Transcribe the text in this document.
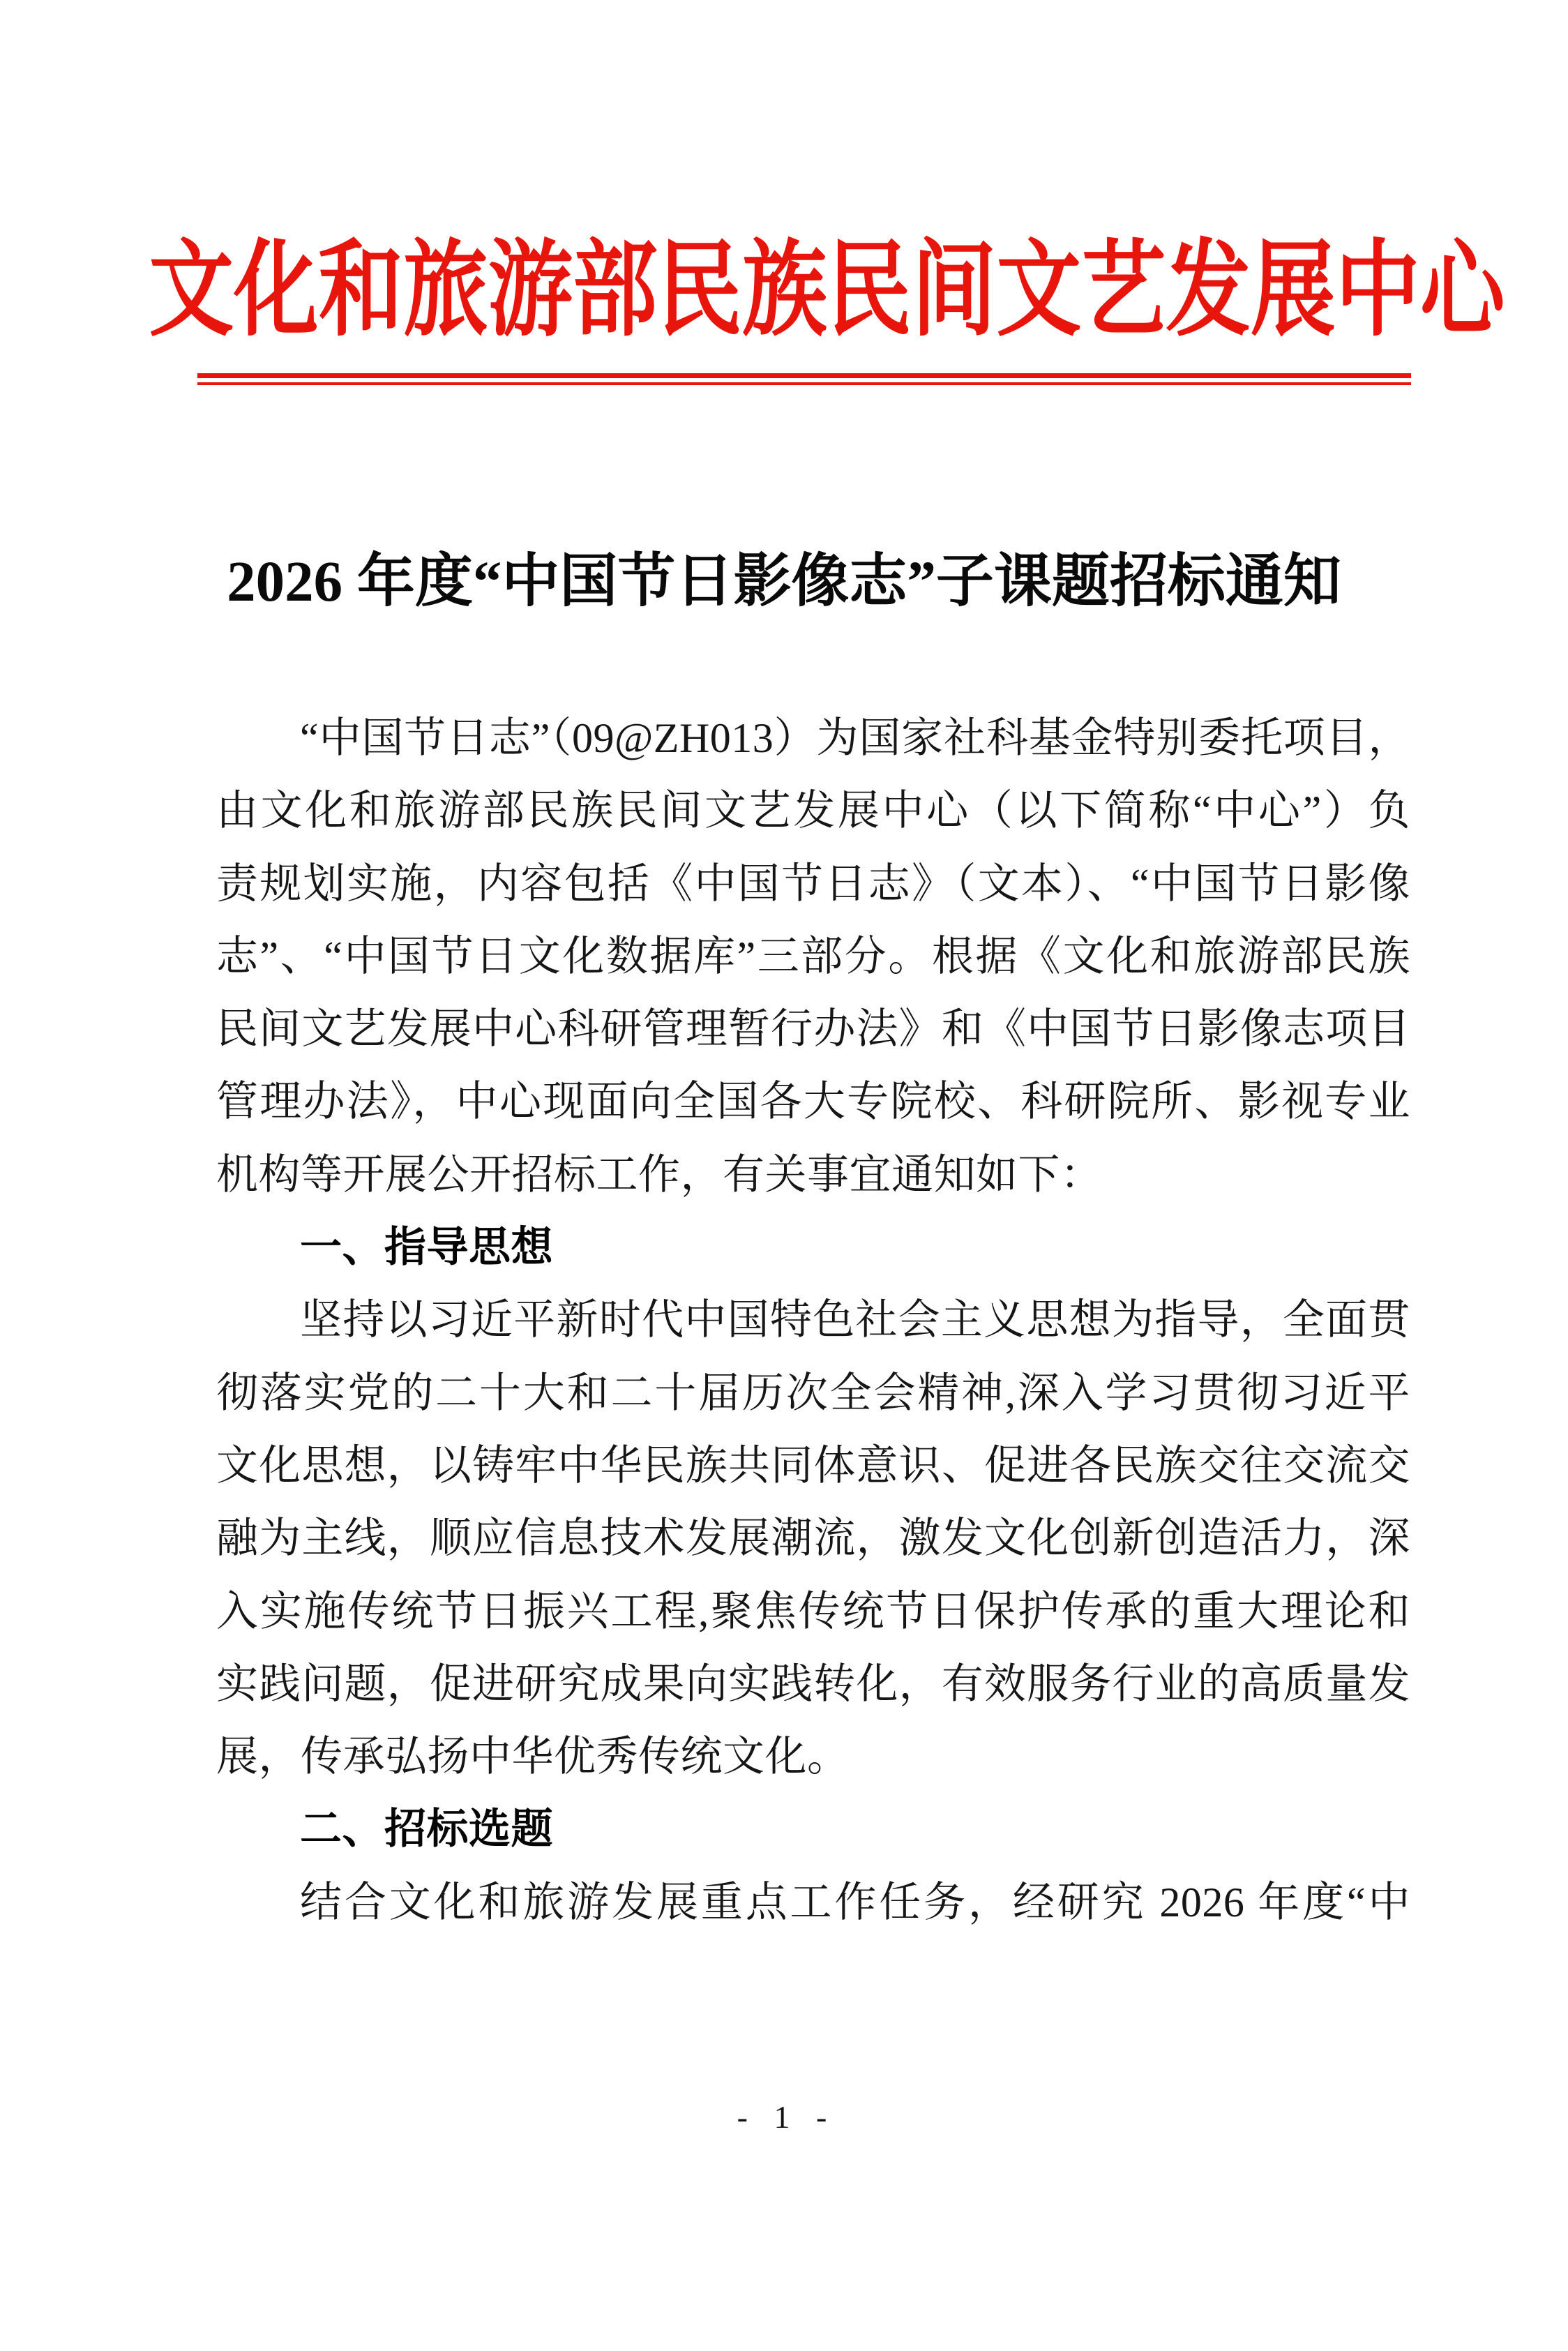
文化和旅游部民族民间文艺发展中心
2026 年度“中国节日影像志”子课题招标通知
“中国节日志”（09@ZH013）为国家社科基金特别委托项目，
由文化和旅游部民族民间文艺发展中心（以下简称“中心”）负
责规划实施，内容包括《中国节日志》（文本）、“中国节日影像
志”、“中国节日文化数据库”三部分。根据《文化和旅游部民族
民间文艺发展中心科研管理暂行办法》和《中国节日影像志项目
管理办法》，中心现面向全国各大专院校、科研院所、影视专业
机构等开展公开招标工作，有关事宜通知如下：
一、指导思想
坚持以习近平新时代中国特色社会主义思想为指导，全面贯
彻落实党的二十大和二十届历次全会精神,深入学习贯彻习近平
文化思想，以铸牢中华民族共同体意识、促进各民族交往交流交
融为主线，顺应信息技术发展潮流，激发文化创新创造活力，深
入实施传统节日振兴工程,聚焦传统节日保护传承的重大理论和
实践问题，促进研究成果向实践转化，有效服务行业的高质量发
展，传承弘扬中华优秀传统文化。
二、招标选题
结合文化和旅游发展重点工作任务，经研究 2026 年度“中
- 1 -
